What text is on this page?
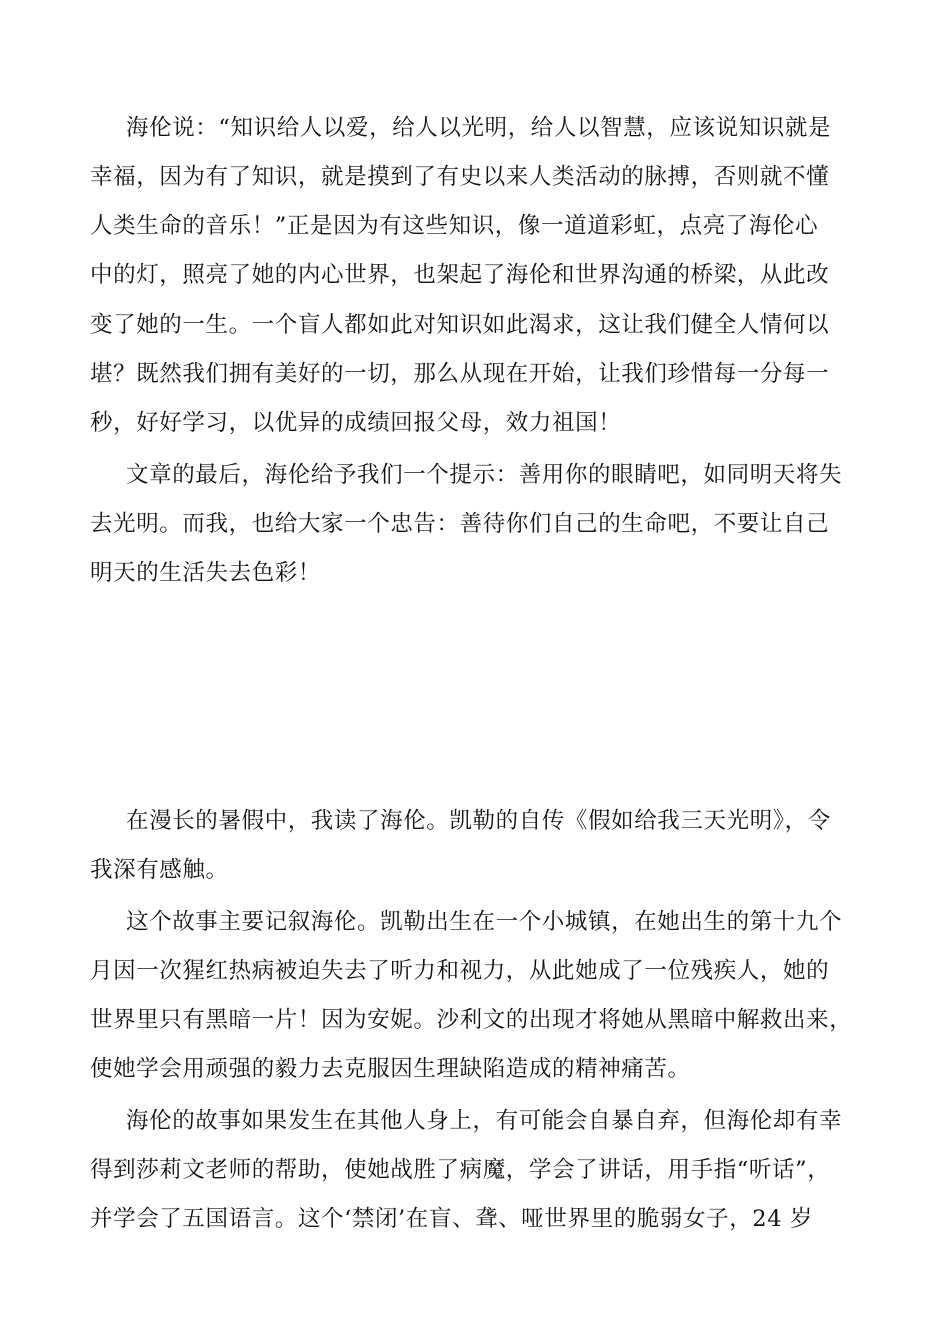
海伦说：“知识给人以爱，给人以光明，给人以智慧，应该说知识就是
幸福，因为有了知识，就是摸到了有史以来人类活动的脉搏，否则就不懂
人类生命的音乐！”正是因为有这些知识，像一道道彩虹，点亮了海伦心
中的灯，照亮了她的内心世界，也架起了海伦和世界沟通的桥梁，从此改
变了她的一生。一个盲人都如此对知识如此渴求，这让我们健全人情何以
堪？既然我们拥有美好的一切，那么从现在开始，让我们珍惜每一分每一
秒，好好学习，以优异的成绩回报父母，效力祖国！
文章的最后，海伦给予我们一个提示：善用你的眼睛吧，如同明天将失
去光明。而我，也给大家一个忠告：善待你们自己的生命吧，不要让自己
明天的生活失去色彩！
在漫长的暑假中，我读了海伦。凯勒的自传《假如给我三天光明》，令
我深有感触。
这个故事主要记叙海伦。凯勒出生在一个小城镇，在她出生的第十九个
月因一次猩红热病被迫失去了听力和视力，从此她成了一位残疾人，她的
世界里只有黑暗一片！因为安妮。沙利文的出现才将她从黑暗中解救出来，
使她学会用顽强的毅力去克服因生理缺陷造成的精神痛苦。
海伦的故事如果发生在其他人身上，有可能会自暴自弃，但海伦却有幸
得到莎莉文老师的帮助，使她战胜了病魔，学会了讲话，用手指“听话”，
并学会了五国语言。这个‘禁闭’在盲、聋、哑世界里的脆弱女子，24 岁
